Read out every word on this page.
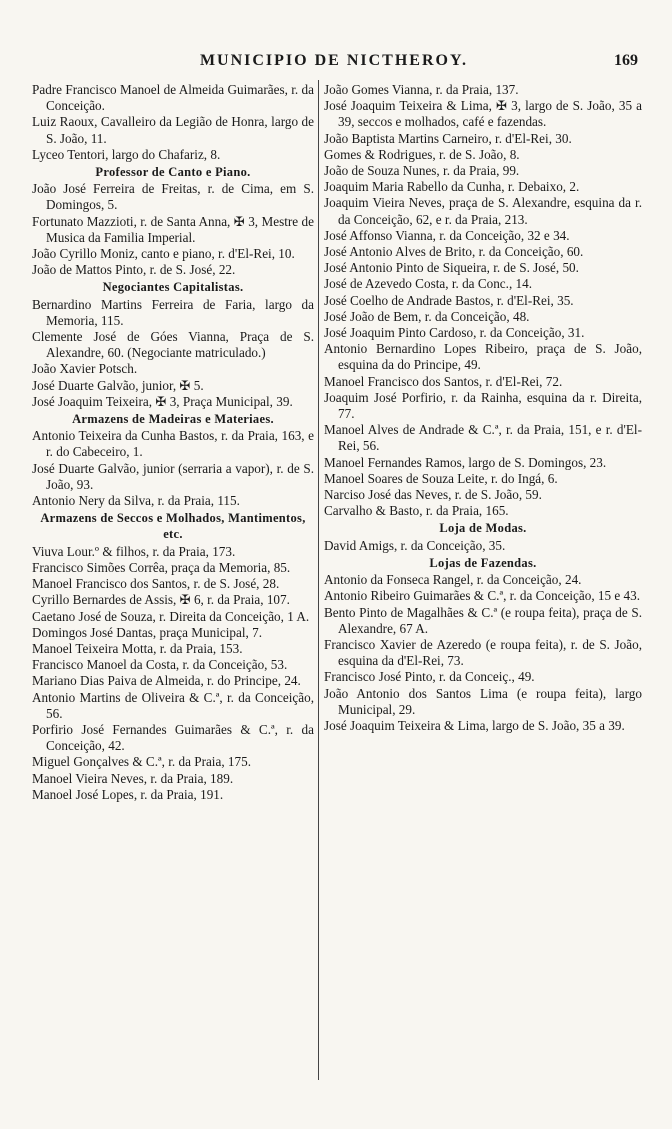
MUNICIPIO DE NICTHEROY.	169

Padre Francisco Manoel de Almeida Guimarães, r. da Conceição.

Luiz Raoux, Cavalleiro da Legião de Honra, largo de S. João, 11.

Lyceo Tentori, largo do Chafariz, 8.

Professor de Canto e Piano.

João José Ferreira de Freitas, r. de Cima, em S. Domingos, 5.

Fortunato Mazzioti, r. de Santa Anna, ✠ 3, Mestre de Musica da Familia Imperial.

João Cyrillo Moniz, canto e piano, r. d'El-Rei, 10.

João de Mattos Pinto, r. de S. José, 22.

Negociantes Capitalistas.

Bernardino Martins Ferreira de Faria, largo da Memoria, 115.

Clemente José de Góes Vianna, Praça de S. Alexandre, 60. (Negociante matriculado.)

João Xavier Potsch.

José Duarte Galvão, junior, ✠ 5.

José Joaquim Teixeira, ✠ 3, Praça Municipal, 39.

Armazens de Madeiras e Materiaes.

Antonio Teixeira da Cunha Bastos, r. da Praia, 163, e r. do Cabeceiro, 1.

José Duarte Galvão, junior (serraria a vapor), r. de S. João, 93.

Antonio Nery da Silva, r. da Praia, 115.

Armazens de Seccos e Molhados, Mantimentos, etc.

Viuva Lour.º & filhos, r. da Praia, 173.

Francisco Simões Corrêa, praça da Memoria, 85.

Manoel Francisco dos Santos, r. de S. José, 28.

Cyrillo Bernardes de Assis, ✠ 6, r. da Praia, 107.

Caetano José de Souza, r. Direita da Conceição, 1 A.

Domingos José Dantas, praça Municipal, 7.

Manoel Teixeira Motta, r. da Praia, 153.

Francisco Manoel da Costa, r. da Conceição, 53.

Mariano Dias Paiva de Almeida, r. do Principe, 24.

Antonio Martins de Oliveira & C.ª, r. da Conceição, 56.

Porfirio José Fernandes Guimarães & C.ª, r. da Conceição, 42.

Miguel Gonçalves & C.ª, r. da Praia, 175.

Manoel Vieira Neves, r. da Praia, 189.

Manoel José Lopes, r. da Praia, 191.

João Gomes Vianna, r. da Praia, 137.

José Joaquim Teixeira & Lima, ✠ 3, largo de S. João, 35 a 39, seccos e molhados, café e fazendas.

João Baptista Martins Carneiro, r. d'El-Rei, 30.

Gomes & Rodrigues, r. de S. João, 8.

João de Souza Nunes, r. da Praia, 99.

Joaquim Maria Rabello da Cunha, r. Debaixo, 2.

Joaquim Vieira Neves, praça de S. Alexandre, esquina da r. da Conceição, 62, e r. da Praia, 213.

José Affonso Vianna, r. da Conceição, 32 e 34.

José Antonio Alves de Brito, r. da Conceição, 60.

José Antonio Pinto de Siqueira, r. de S. José, 50.

José de Azevedo Costa, r. da Conc., 14.

José Coelho de Andrade Bastos, r. d'El-Rei, 35.

José João de Bem, r. da Conceição, 48.

José Joaquim Pinto Cardoso, r. da Conceição, 31.

Antonio Bernardino Lopes Ribeiro, praça de S. João, esquina da do Principe, 49.

Manoel Francisco dos Santos, r. d'El-Rei, 72.

Joaquim José Porfirio, r. da Rainha, esquina da r. Direita, 77.

Manoel Alves de Andrade & C.ª, r. da Praia, 151, e r. d'El-Rei, 56.

Manoel Fernandes Ramos, largo de S. Domingos, 23.

Manoel Soares de Souza Leite, r. do Ingá, 6.

Narciso José das Neves, r. de S. João, 59.

Carvalho & Basto, r. da Praia, 165.

Loja de Modas.

David Amigs, r. da Conceição, 35.

Lojas de Fazendas.

Antonio da Fonseca Rangel, r. da Conceição, 24.

Antonio Ribeiro Guimarães & C.ª, r. da Conceição, 15 e 43.

Bento Pinto de Magalhães & C.ª (e roupa feita), praça de S. Alexandre, 67 A.

Francisco Xavier de Azeredo (e roupa feita), r. de S. João, esquina da d'El-Rei, 73.

Francisco José Pinto, r. da Conceiç., 49.

João Antonio dos Santos Lima (e roupa feita), largo Municipal, 29.

José Joaquim Teixeira & Lima, largo de S. João, 35 a 39.
